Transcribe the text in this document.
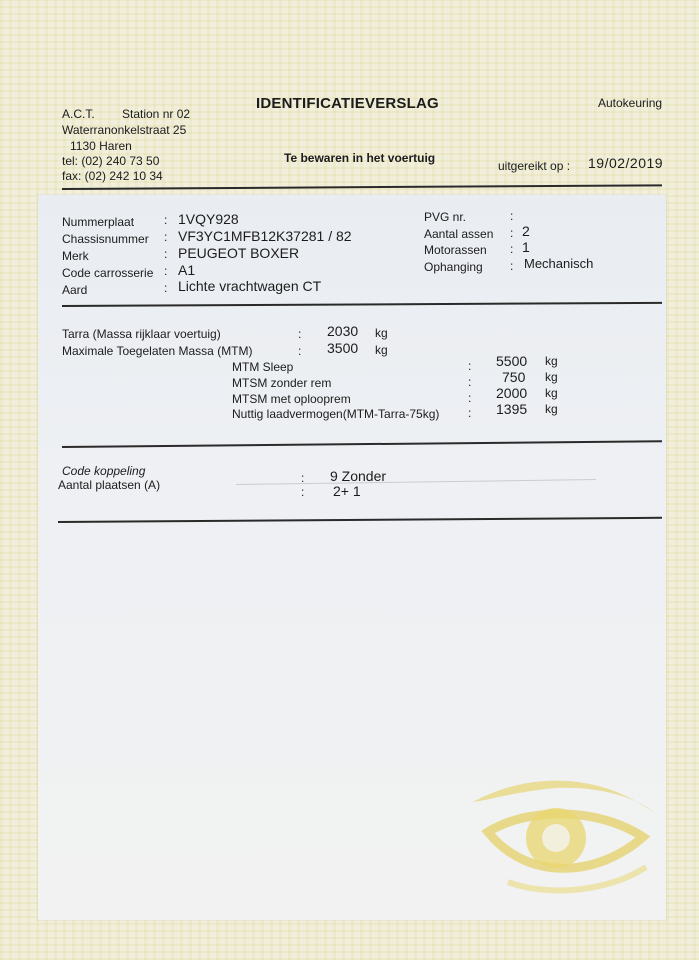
A.C.T. Station nr 02
Waterranonkelstraat 25
1130 Haren
tel: (02) 240 73 50
fax: (02) 242 10 34
IDENTIFICATIEVERSLAG
Te bewaren in het voertuig
Autokeuring
uitgereikt op : 19/02/2019
Nummerplaat : 1VQY928
Chassisnummer : VF3YC1MFB12K37281 / 82
Merk	: PEUGEOT BOXER
Code carrosserie : A1
Aard	: Lichte vrachtwagen CT
PVG nr.	:
Aantal assen : 2
Motorassen : 1
Ophanging : Mechanisch
Tarra (Massa rijklaar voertuig)	: 2030 kg
Maximale Toegelaten Massa (MTM)	: 3500 kg
MTM Sleep	: 5500 kg
MTSM zonder rem	: 750 kg
MTSM met oplooprem	: 2000 kg
Nuttig laadvermogen(MTM-Tarra-75kg) : 1395 kg
Code koppeling	: 9 Zonder
Aantal plaatsen (A)	: 2+ 1
